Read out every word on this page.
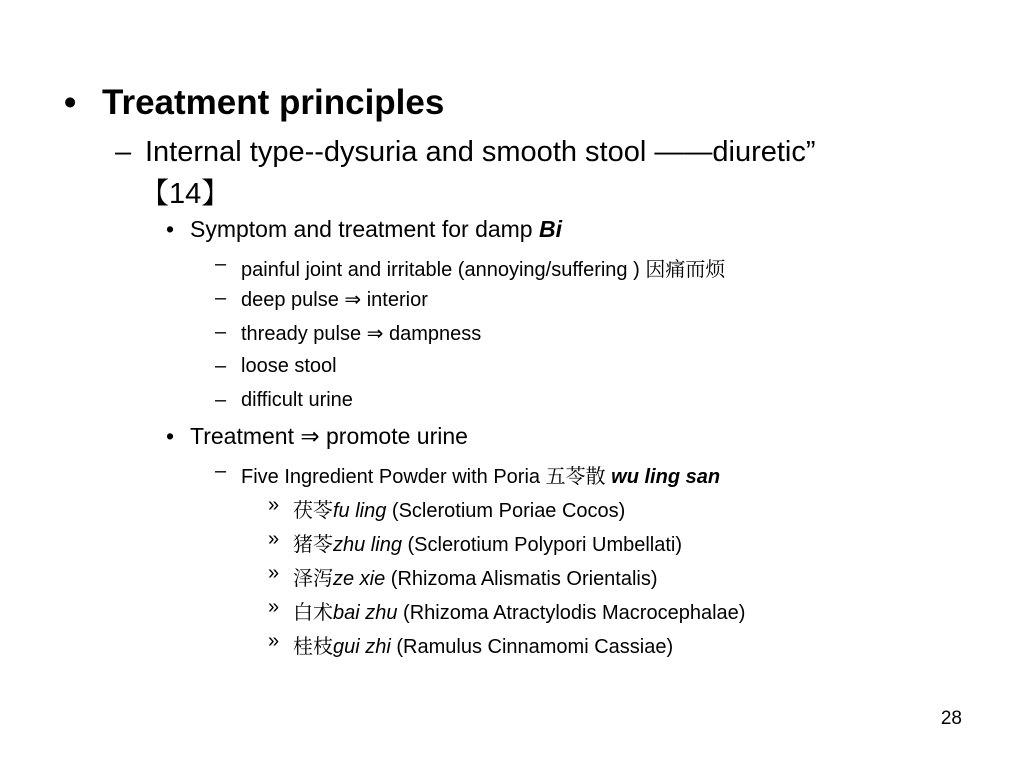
• Treatment principles
– Internal type--dysuria and smooth stool ——diuretic”
【14】
• Symptom and treatment for damp Bi
– painful joint and irritable (annoying/suffering ) 因痛而烦
– deep pulse ⇒ interior
– thready pulse ⇒ dampness
– loose stool
– difficult urine
• Treatment ⇒ promote urine
– Five Ingredient Powder with Poria 五苓散 wu ling san
» 茯苓fu ling (Sclerotium Poriae Cocos)
» 猪苓zhu ling (Sclerotium Polypori Umbellati)
» 泽泻ze xie (Rhizoma Alismatis Orientalis)
» 白术bai zhu (Rhizoma Atractylodis Macrocephalae)
» 桂枝gui zhi (Ramulus Cinnamomi Cassiae)
28
